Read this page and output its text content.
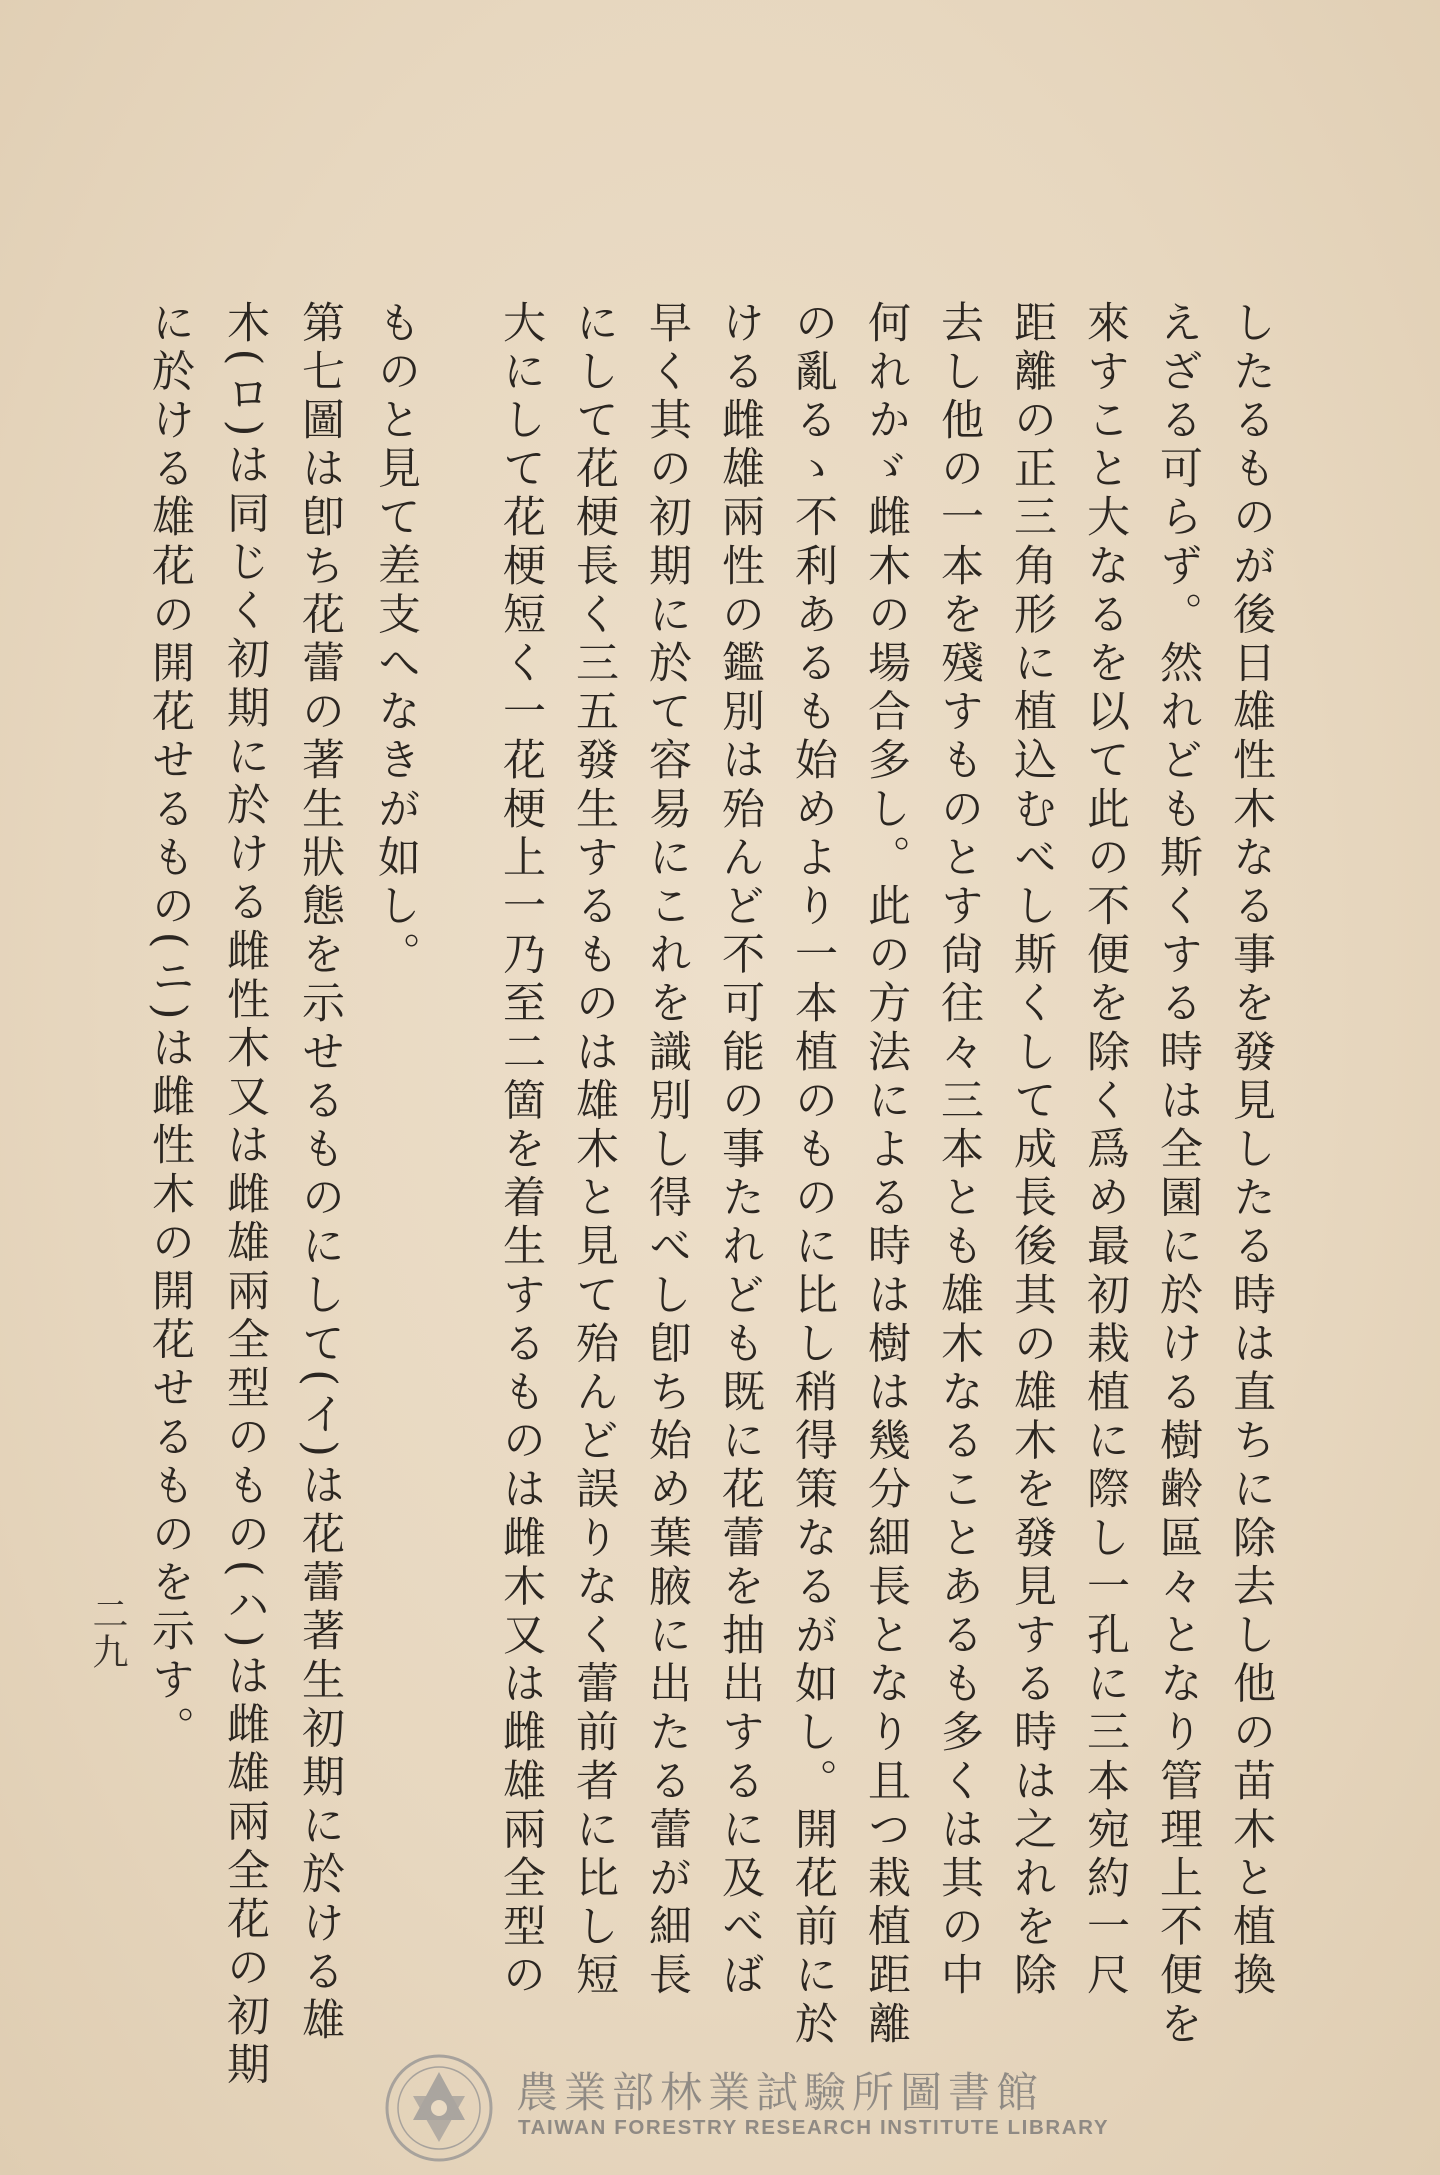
したるものが後日雄性木なる事を發見したる時は直ちに除去し他の苗木と植換
えざる可らず。然れども斯くする時は全園に於ける樹齢區々となり管理上不便を
來すこと大なるを以て此の不便を除く爲め最初栽植に際し一孔に三本宛約一尺
距離の正三角形に植込むべし斯くして成長後其の雄木を發見する時は之れを除
去し他の一本を殘すものとす尙往々三本とも雄木なることあるも多くは其の中
何れかゞ雌木の場合多し。此の方法による時は樹は幾分細長となり且つ栽植距離
の亂るゝ不利あるも始めより一本植のものに比し稍得策なるが如し。開花前に於
ける雌雄兩性の鑑別は殆んど不可能の事たれども既に花蕾を抽出するに及べば
早く其の初期に於て容易にこれを識別し得べし卽ち始め葉腋に出たる蕾が細長
にして花梗長く三五發生するものは雄木と見て殆んど誤りなく蕾前者に比し短
大にして花梗短く一花梗上一乃至二箇を着生するものは雌木又は雌雄兩全型の
ものと見て差支へなきが如し。
第七圖は卽ち花蕾の著生狀態を示せるものにして(イ)は花蕾著生初期に於ける雄
木(ロ)は同じく初期に於ける雌性木又は雌雄兩全型のもの(ハ)は雌雄兩全花の初期
に於ける雄花の開花せるもの(ニ)は雌性木の開花せるものを示す。
二九
農業部林業試驗所圖書館
TAIWAN FORESTRY RESEARCH INSTITUTE LIBRARY
